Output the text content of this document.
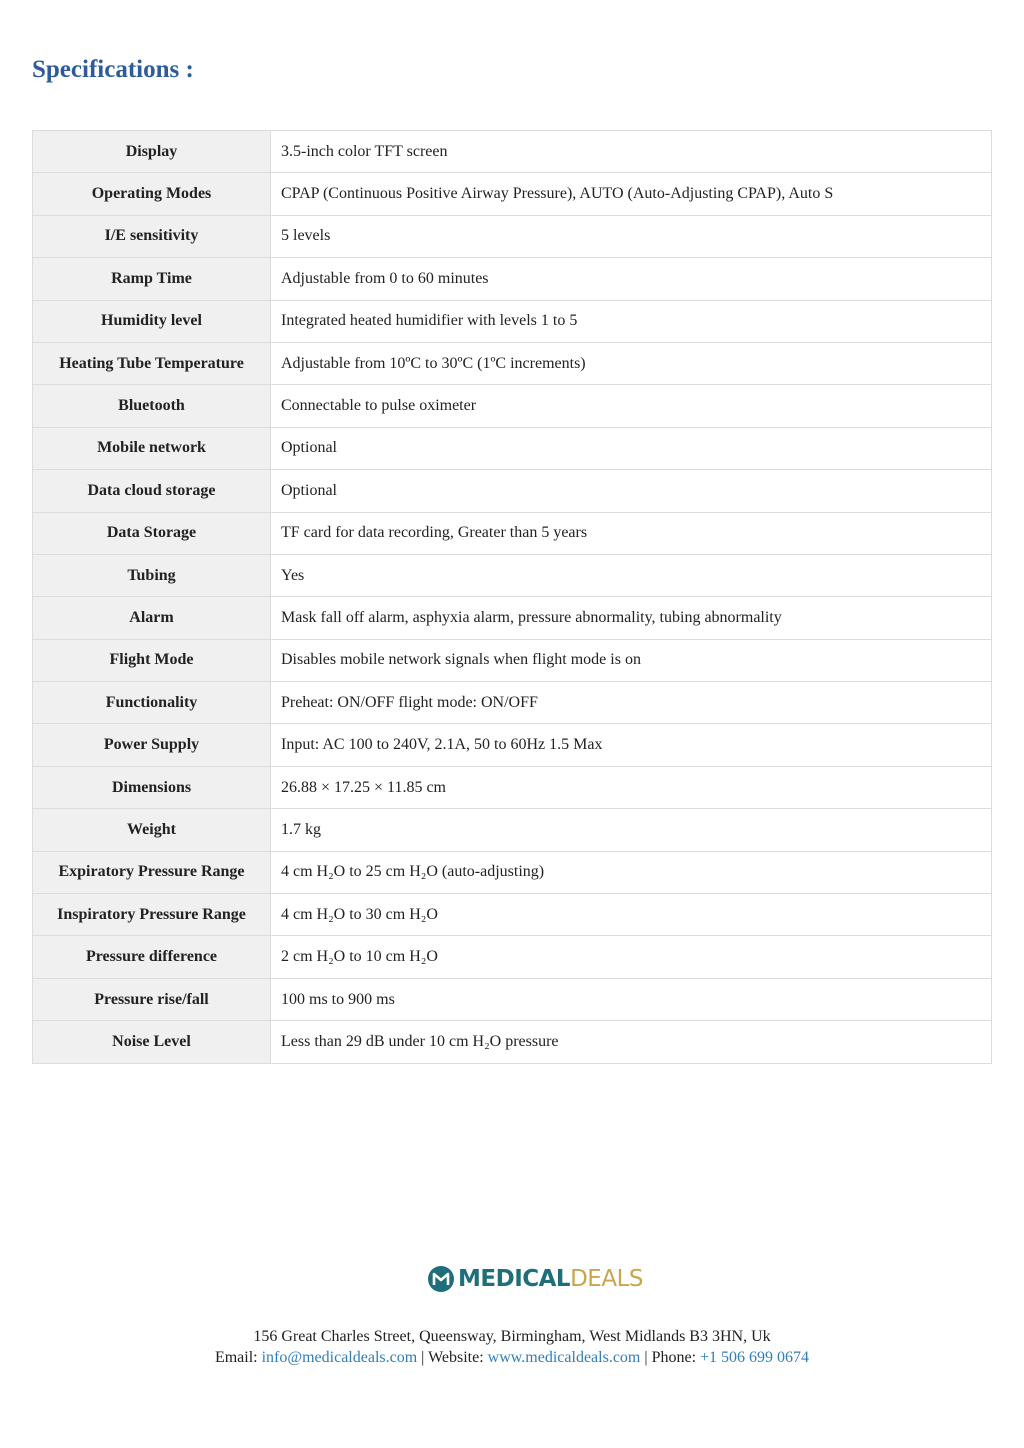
Specifications :
Display	3.5-inch color TFT screen
Operating Modes	CPAP (Continuous Positive Airway Pressure), AUTO (Auto-Adjusting CPAP), Auto S
I/E sensitivity	5 levels
Ramp Time	Adjustable from 0 to 60 minutes
Humidity level	Integrated heated humidifier with levels 1 to 5
Heating Tube Temperature	Adjustable from 10ºC to 30ºC (1ºC increments)
Bluetooth	Connectable to pulse oximeter
Mobile network	Optional
Data cloud storage	Optional
Data Storage	TF card for data recording, Greater than 5 years
Tubing	Yes
Alarm	Mask fall off alarm, asphyxia alarm, pressure abnormality, tubing abnormality
Flight Mode	Disables mobile network signals when flight mode is on
Functionality	Preheat: ON/OFF flight mode: ON/OFF
Power Supply	Input: AC 100 to 240V, 2.1A, 50 to 60Hz 1.5 Max
Dimensions	26.88 × 17.25 × 11.85 cm
Weight	1.7 kg
Expiratory Pressure Range	4 cm H₂O to 25 cm H₂O (auto-adjusting)
Inspiratory Pressure Range	4 cm H₂O to 30 cm H₂O
Pressure difference	2 cm H₂O to 10 cm H₂O
Pressure rise/fall	100 ms to 900 ms
Noise Level	Less than 29 dB under 10 cm H₂O pressure
MEDICAL DEALS
156 Great Charles Street, Queensway, Birmingham, West Midlands B3 3HN, Uk
Email: info@medicaldeals.com | Website: www.medicaldeals.com | Phone: +1 506 699 0674
